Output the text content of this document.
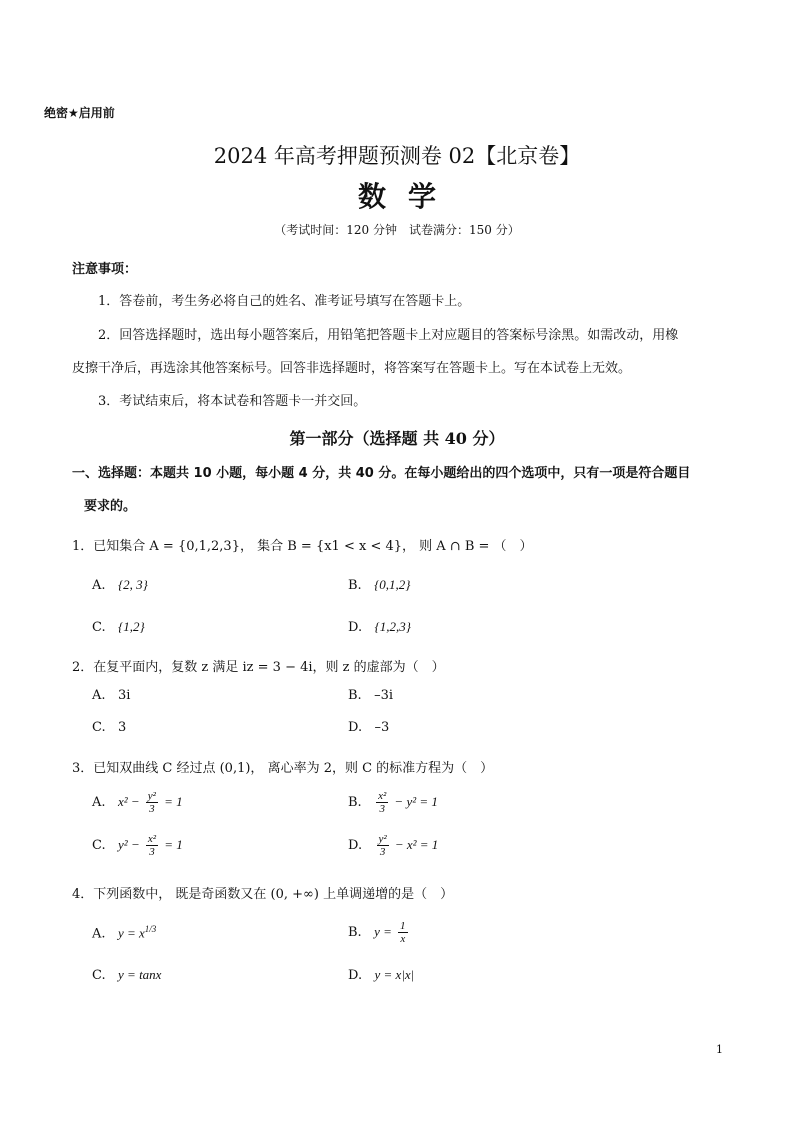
绝密★启用前
2024 年高考押题预测卷 02【北京卷】
数学
（考试时间：120 分钟　试卷满分：150 分）
注意事项：
1．答卷前，考生务必将自己的姓名、准考证号填写在答题卡上。
2．回答选择题时，选出每小题答案后，用铅笔把答题卡上对应题目的答案标号涂黑。如需改动，用橡
皮擦干净后，再选涂其他答案标号。回答非选择题时，将答案写在答题卡上。写在本试卷上无效。
3．考试结束后，将本试卷和答题卡一并交回。
第一部分（选择题 共 40 分）
一、选择题：本题共 10 小题，每小题 4 分，共 40 分。在每小题给出的四个选项中，只有一项是符合题目
要求的。
1．已知集合 A = {0,1,2,3}， 集合 B = {x1 < x < 4}， 则 A ∩ B = （　）
A. {2, 3}	B. {0,1,2}
C. {1,2}	D. {1,2,3}
2．在复平面内，复数 z 满足 iz = 3 − 4i，则 z 的虚部为（　）
A. 3i	B. –3i
C. 3	D. –3
3．已知双曲线 C 经过点 (0,1)， 离心率为 2，则 C 的标准方程为（　）
A. $x^2 - \frac{\text{y²}}{3} = 1$	B. $\frac{\text{x²}}{3} - y^2 = 1$
C. $y^2 - \frac{\text{x²}}{3} = 1$	D. $\frac{\text{y²}}{3} - x^2 = 1$
4．下列函数中， 既是奇函数又在 (0, +∞) 上单调递增的是（　）
A. $y = x^{1/3}$	B. $y = \frac{1}{x}$
C. y = tanx	D. y = x|x|
1
